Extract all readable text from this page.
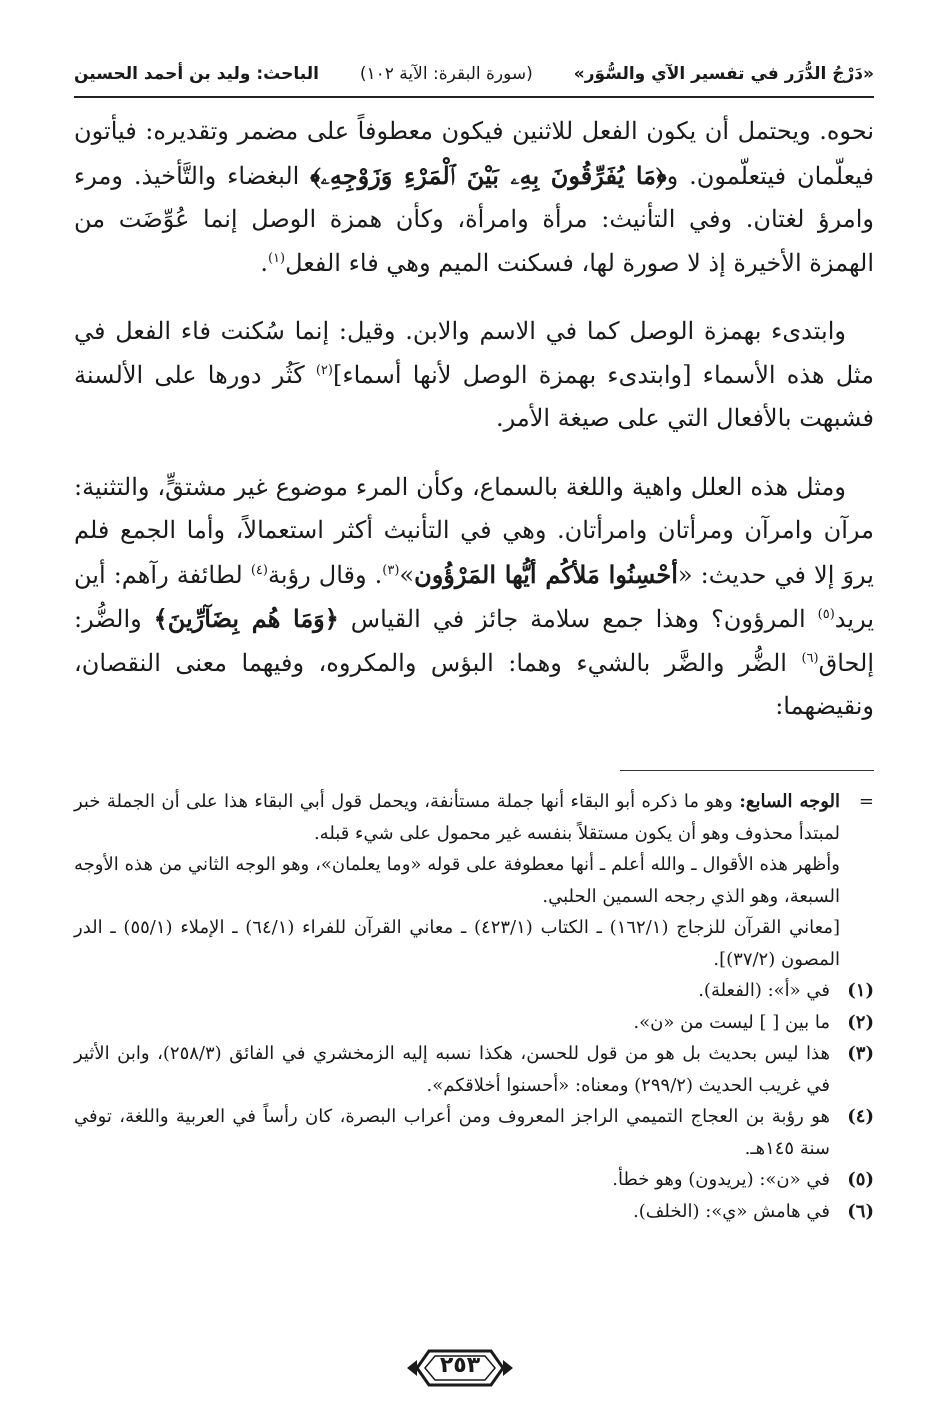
«دَرْجُ الدُّرَر في تفسير الآي والسُّوَر»
(سورة البقرة: الآية ١٠٢)
الباحث: وليد بن أحمد الحسين

نحوه. ويحتمل أن يكون الفعل للاثنين فيكون معطوفاً على مضمر وتقديره: فيأتون فيعلّمان فيتعلّمون. و﴿مَا يُفَرِّقُونَ بِهِۦ بَيْنَ ٱلْمَرْءِ وَزَوْجِهِۦ﴾ البغضاء والتَّأخيذ. ومرء وامرؤ لغتان. وفي التأنيث: مرأة وامرأة، وكأن همزة الوصل إنما عُوِّضَت من الهمزة الأخيرة إذ لا صورة لها، فسكنت الميم وهي فاء الفعل$^{(١)}$.

وابتدىء بهمزة الوصل كما في الاسم والابن. وقيل: إنما سُكنت فاء الفعل في مثل هذه الأسماء [وابتدىء بهمزة الوصل لأنها أسماء]$^{(٢)}$ كَثُر دورها على الألسنة فشبهت بالأفعال التي على صيغة الأمر.

ومثل هذه العلل واهية واللغة بالسماع، وكأن المرء موضوع غير مشتقٍّ، والتثنية: مرآن وامرآن ومرأتان وامرأتان. وهي في التأنيث أكثر استعمالاً، وأما الجمع فلم يروَ إلا في حديث: «أحْسِنُوا مَلأكُم أيُّها المَرْؤُون»$^{(٣)}$. وقال رؤبة$^{(٤)}$ لطائفة رآهم: أين يريد$^{(٥)}$ المرؤون؟ وهذا جمع سلامة جائز في القياس ﴿وَمَا هُم بِضَآرِّينَ﴾ والضُّر: إلحاق$^{(٦)}$ الضُّر والضَّر بالشيء وهما: البؤس والمكروه، وفيهما معنى النقصان، ونقيضهما:

=

الوجه السابع: وهو ما ذكره أبو البقاء أنها جملة مستأنفة، ويحمل قول أبي البقاء هذا على أن الجملة خبر لمبتدأ محذوف وهو أن يكون مستقلاً بنفسه غير محمول على شيء قبله.

وأظهر هذه الأقوال ـ والله أعلم ـ أنها معطوفة على قوله «وما يعلمان»، وهو الوجه الثاني من هذه الأوجه السبعة، وهو الذي رجحه السمين الحلبي.

[معاني القرآن للزجاج (١٦٢/١) ـ الكتاب (٤٢٣/١) ـ معاني القرآن للفراء (٦٤/١) ـ الإملاء (٥٥/١) ـ الدر المصون (٣٧/٢)].

(١)
في «أ»: (الفعلة).
(٢)
ما بين [ ] ليست من «ن».
(٣)
هذا ليس بحديث بل هو من قول للحسن، هكذا نسبه إليه الزمخشري في الفائق (٢٥٨/٣)، وابن الأثير في غريب الحديث (٢٩٩/٢) ومعناه: «أحسنوا أخلاقكم».
(٤)
هو رؤبة بن العجاج التميمي الراجز المعروف ومن أعراب البصرة، كان رأساً في العربية واللغة، توفي سنة ١٤٥هـ.
(٥)
في «ن»: (يريدون) وهو خطأ.
(٦)
في هامش «ي»: (الخلف).
٢٥٣
